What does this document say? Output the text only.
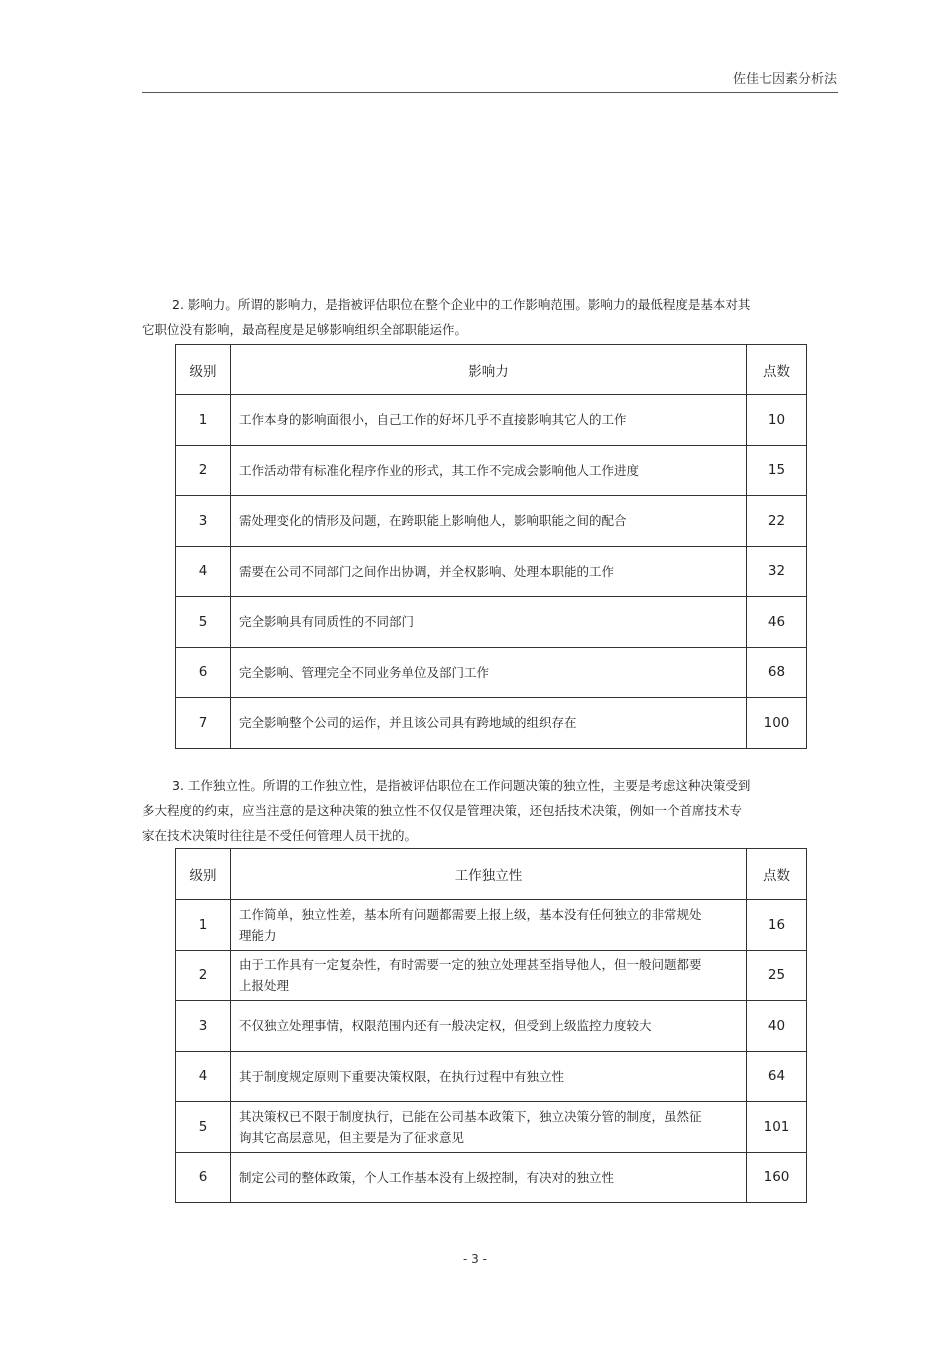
佐佳七因素分析法
2. 影响力。所谓的影响力，是指被评估职位在整个企业中的工作影响范围。影响力的最低程度是基本对其
它职位没有影响，最高程度是足够影响组织全部职能运作。
级别	影响力	点数
1	工作本身的影响面很小，自己工作的好坏几乎不直接影响其它人的工作	10
2	工作活动带有标准化程序作业的形式，其工作不完成会影响他人工作进度	15
3	需处理变化的情形及问题，在跨职能上影响他人，影响职能之间的配合	22
4	需要在公司不同部门之间作出协调，并全权影响、处理本职能的工作	32
5	完全影响具有同质性的不同部门	46
6	完全影响、管理完全不同业务单位及部门工作	68
7	完全影响整个公司的运作，并且该公司具有跨地域的组织存在	100
3. 工作独立性。所谓的工作独立性，是指被评估职位在工作问题决策的独立性，主要是考虑这种决策受到
多大程度的约束，应当注意的是这种决策的独立性不仅仅是管理决策，还包括技术决策，例如一个首席技术专
家在技术决策时往往是不受任何管理人员干扰的。
级别	工作独立性	点数
1	工作简单，独立性差，基本所有问题都需要上报上级，基本没有任何独立的非常规处理能力	16
2	由于工作具有一定复杂性，有时需要一定的独立处理甚至指导他人，但一般问题都要上报处理	25
3	不仅独立处理事情，权限范围内还有一般决定权，但受到上级监控力度较大	40
4	其于制度规定原则下重要决策权限，在执行过程中有独立性	64
5	其决策权已不限于制度执行，已能在公司基本政策下，独立决策分管的制度，虽然征询其它高层意见，但主要是为了征求意见	101
6	制定公司的整体政策，个人工作基本没有上级控制，有决对的独立性	160
- 3 -
